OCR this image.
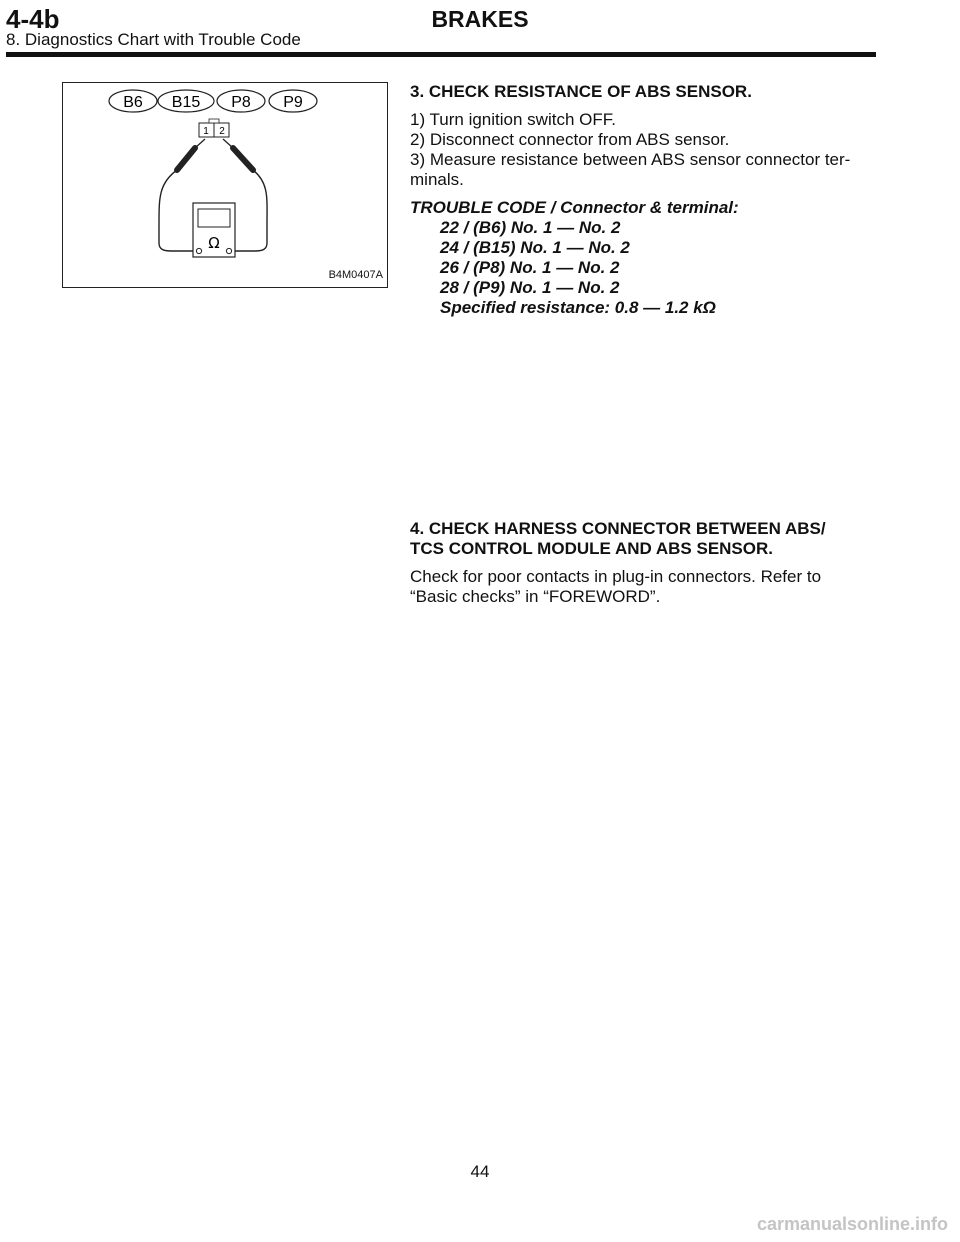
4-4b
8. Diagnostics Chart with Trouble Code
BRAKES
B6 B15 P8 P9
1 2
Ω
B4M0407A

3. CHECK RESISTANCE OF ABS SENSOR.

1) Turn ignition switch OFF.

2) Disconnect connector from ABS sensor.

3) Measure resistance between ABS sensor connector ter-

minals.

TROUBLE CODE / Connector & terminal:

22 / (B6) No. 1 — No. 2

24 / (B15) No. 1 — No. 2

26 / (P8) No. 1 — No. 2

28 / (P9) No. 1 — No. 2

Specified resistance: 0.8 — 1.2 kΩ

4. CHECK HARNESS CONNECTOR BETWEEN ABS/

TCS CONTROL MODULE AND ABS SENSOR.

Check for poor contacts in plug-in connectors. Refer to

“Basic checks” in “FOREWORD”.

44
carmanualsonline.info
